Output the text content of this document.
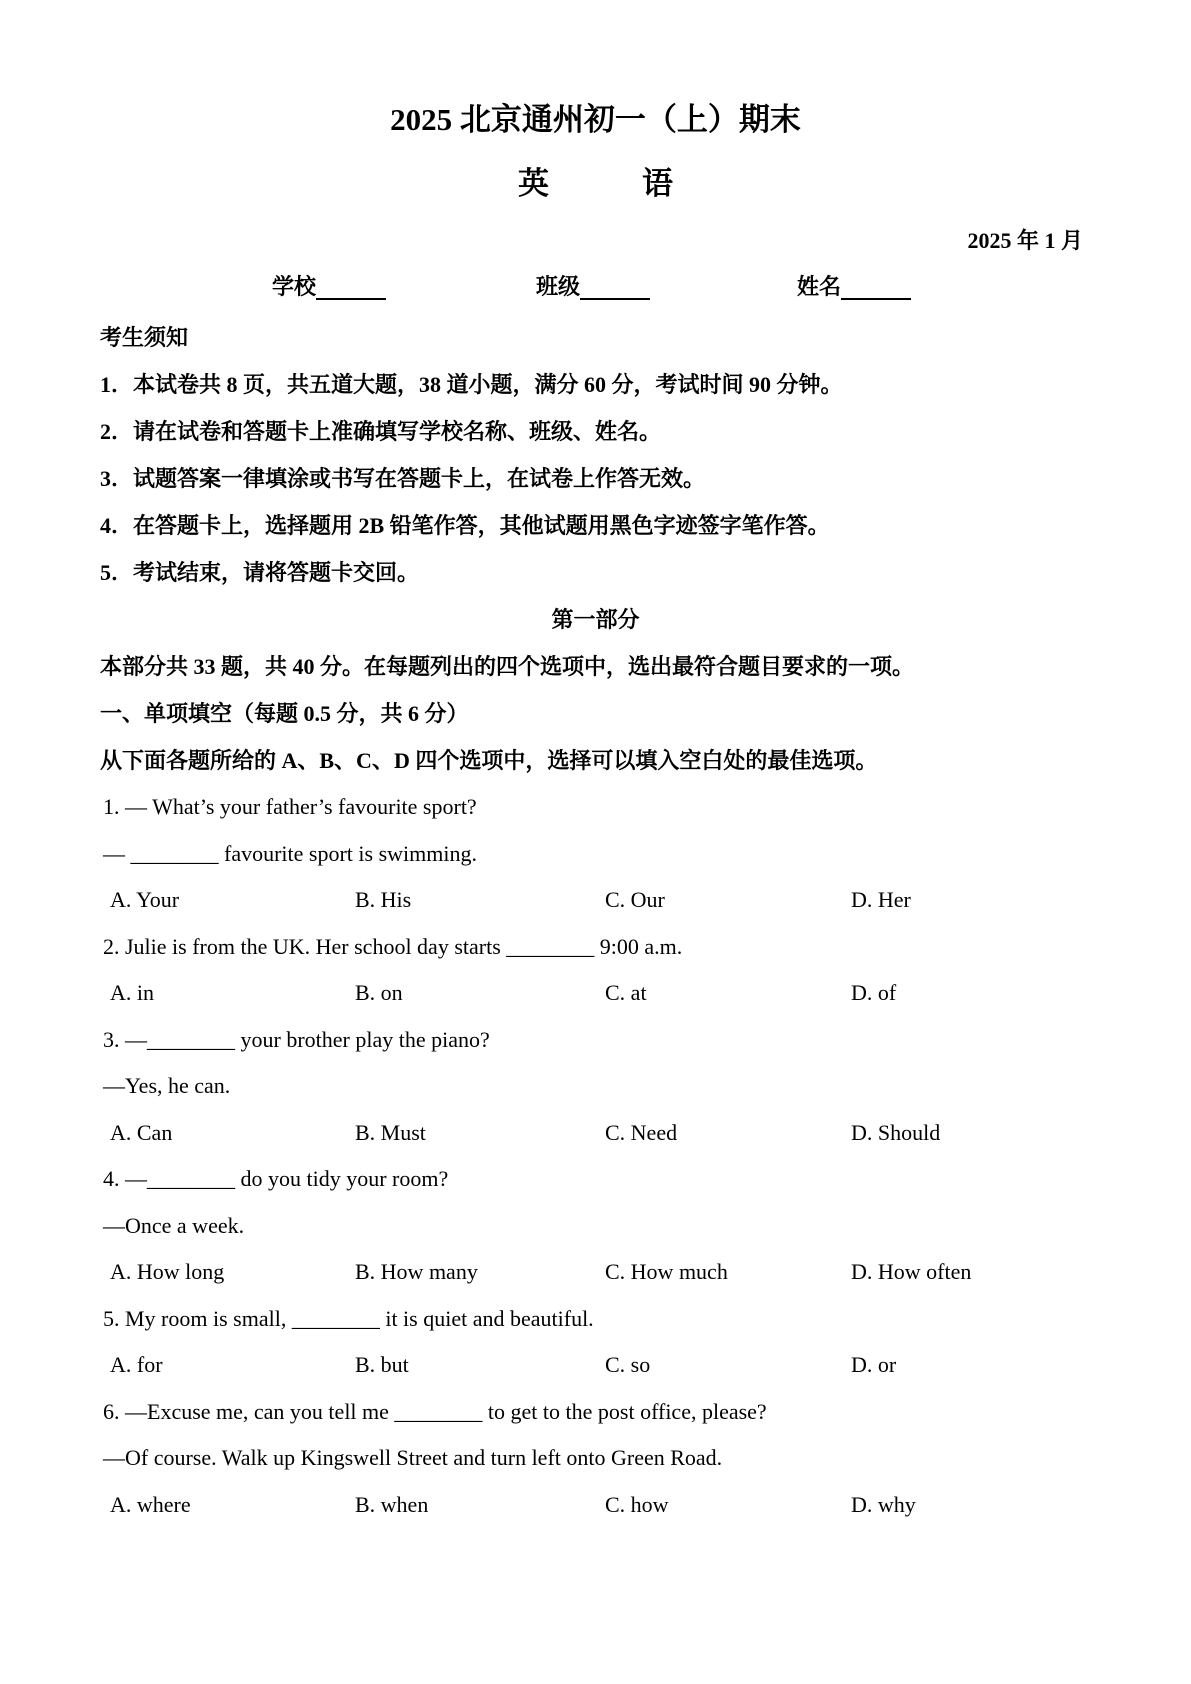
2025 北京通州初一（上）期末
英　　　语
2025 年 1 月
学校	班级	姓名

考生须知

1．本试卷共 8 页，共五道大题，38 道小题，满分 60 分，考试时间 90 分钟。

2．请在试卷和答题卡上准确填写学校名称、班级、姓名。

3．试题答案一律填涂或书写在答题卡上，在试卷上作答无效。

4．在答题卡上，选择题用 2B 铅笔作答，其他试题用黑色字迹签字笔作答。

5．考试结束，请将答题卡交回。

第一部分

本部分共 33 题，共 40 分。在每题列出的四个选项中，选出最符合题目要求的一项。

一、单项填空（每题 0.5 分，共 6 分）

从下面各题所给的 A、B、C、D 四个选项中，选择可以填入空白处的最佳选项。

1. — What’s your father’s favourite sport?

— ________ favourite sport is swimming.

A. Your	B. His	C. Our	D. Her

2. Julie is from the UK. Her school day starts ________ 9:00 a.m.

A. in	B. on	C. at	D. of

3. —________ your brother play the piano?

—Yes, he can.

A. Can	B. Must	C. Need	D. Should

4. —________ do you tidy your room?

—Once a week.

A. How long	B. How many	C. How much	D. How often

5. My room is small, ________ it is quiet and beautiful.

A. for	B. but	C. so	D. or

6. —Excuse me, can you tell me ________ to get to the post office, please?

—Of course. Walk up Kingswell Street and turn left onto Green Road.

A. where	B. when	C. how	D. why
